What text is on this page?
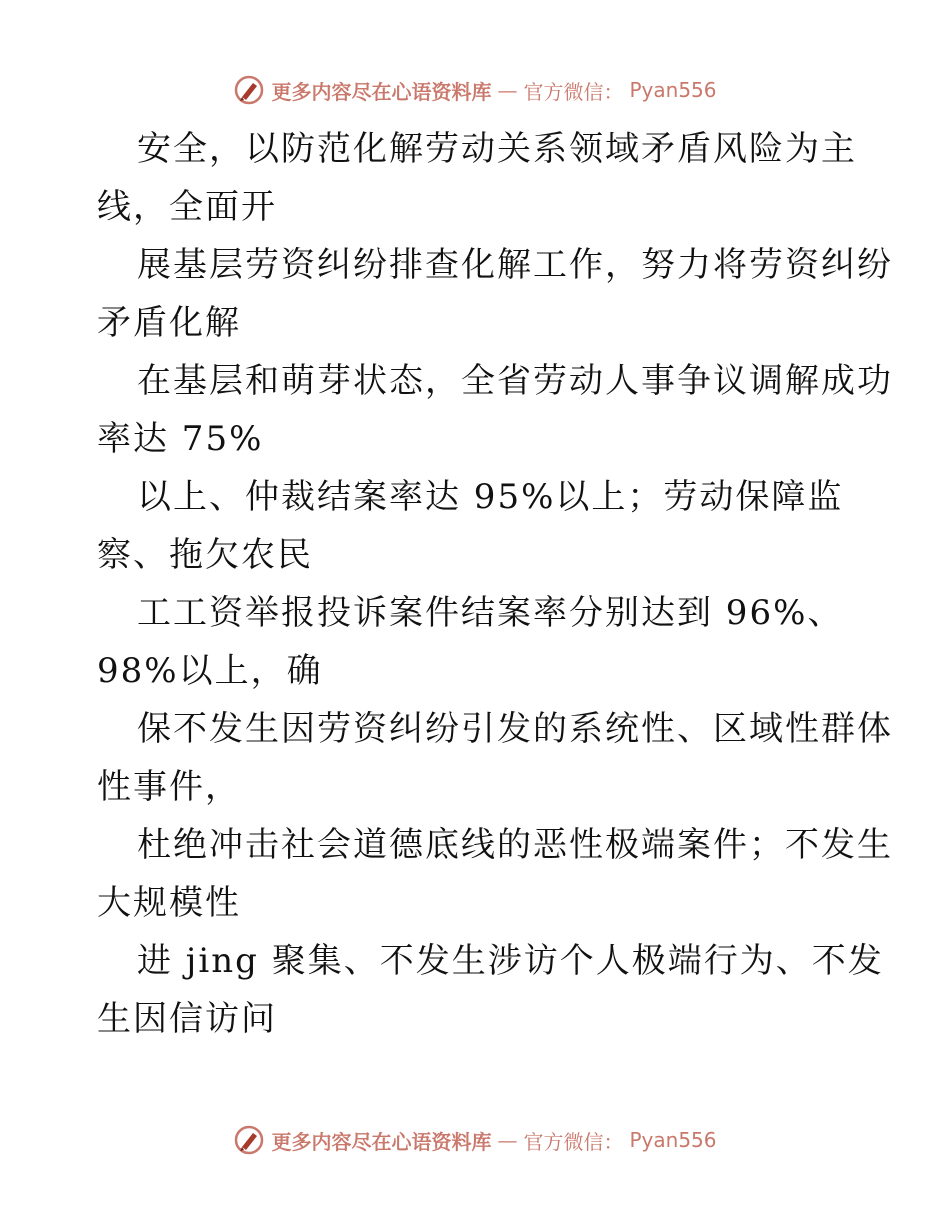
更多内容尽在心语资料库 — 官方微信： Pyan556
安全，以防范化解劳动关系领域矛盾风险为主
线，全面开
展基层劳资纠纷排查化解工作，努力将劳资纠纷
矛盾化解
在基层和萌芽状态，全省劳动人事争议调解成功
率达 75%
以上、仲裁结案率达 95%以上；劳动保障监
察、拖欠农民
工工资举报投诉案件结案率分别达到 96%、
98%以上，确
保不发生因劳资纠纷引发的系统性、区域性群体
性事件，
杜绝冲击社会道德底线的恶性极端案件；不发生
大规模性
进 jing 聚集、不发生涉访个人极端行为、不发
生因信访问
更多内容尽在心语资料库 — 官方微信： Pyan556
